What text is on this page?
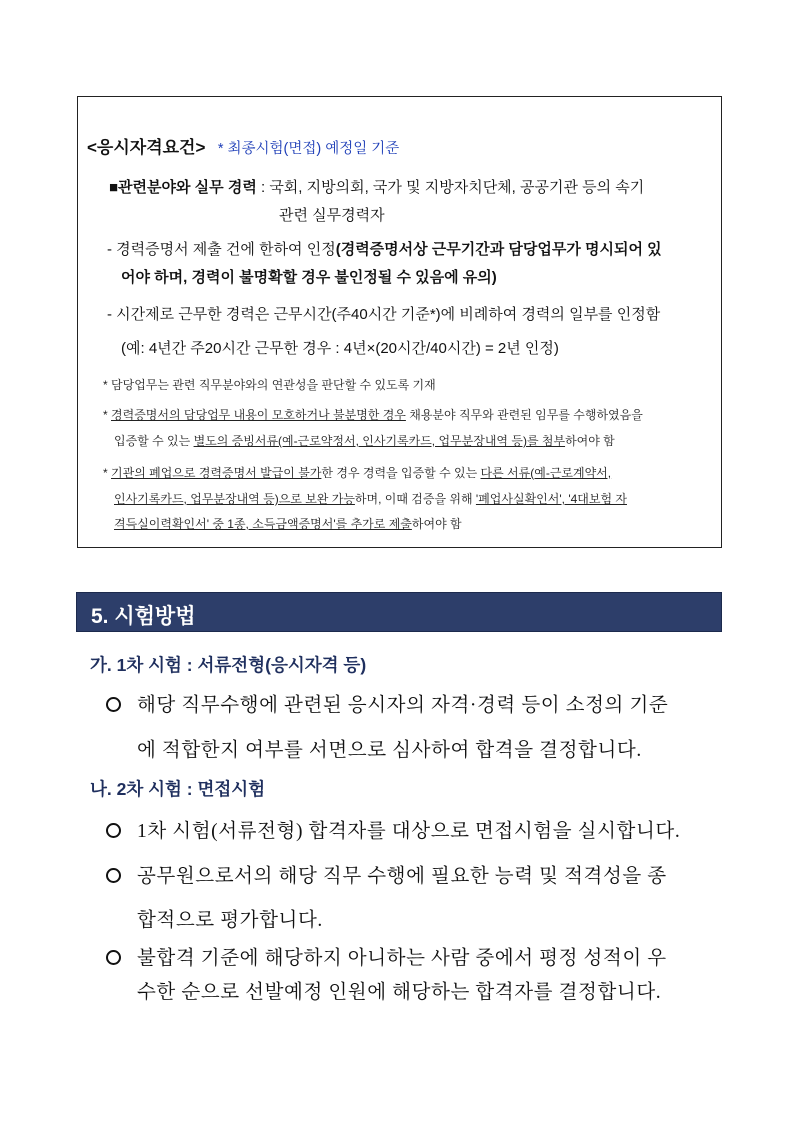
<응시자격요건> * 최종시험(면접) 예정일 기준
■관련분야와 실무 경력 : 국회, 지방의회, 국가 및 지방자치단체, 공공기관 등의 속기
관련 실무경력자
- 경력증명서 제출 건에 한하여 인정(경력증명서상 근무기간과 담당업무가 명시되어 있
어야 하며, 경력이 불명확할 경우 불인정될 수 있음에 유의)
- 시간제로 근무한 경력은 근무시간(주40시간 기준*)에 비례하여 경력의 일부를 인정함
(예: 4년간 주20시간 근무한 경우 : 4년×(20시간/40시간) = 2년 인정)
* 담당업무는 관련 직무분야와의 연관성을 판단할 수 있도록 기재
* 경력증명서의 담당업무 내용이 모호하거나 불분명한 경우 채용분야 직무와 관련된 임무를 수행하였음을
입증할 수 있는 별도의 증빙서류(예-근로약정서, 인사기록카드, 업무분장내역 등)를 첨부하여야 함
* 기관의 폐업으로 경력증명서 발급이 불가한 경우 경력을 입증할 수 있는 다른 서류(예-근로계약서,
인사기록카드, 업무분장내역 등)으로 보완 가능하며, 이때 검증을 위해 '폐업사실확인서', '4대보험 자
격득실이력확인서' 중 1종, 소득금액증명서'를 추가로 제출하여야 함
5. 시험방법
가. 1차 시험 : 서류전형(응시자격 등)
해당 직무수행에 관련된 응시자의 자격·경력 등이 소정의 기준
에 적합한지 여부를 서면으로 심사하여 합격을 결정합니다.
나. 2차 시험 : 면접시험
1차 시험(서류전형) 합격자를 대상으로 면접시험을 실시합니다.
공무원으로서의 해당 직무 수행에 필요한 능력 및 적격성을 종
합적으로 평가합니다.
불합격 기준에 해당하지 아니하는 사람 중에서 평정 성적이 우
수한 순으로 선발예정 인원에 해당하는 합격자를 결정합니다.
